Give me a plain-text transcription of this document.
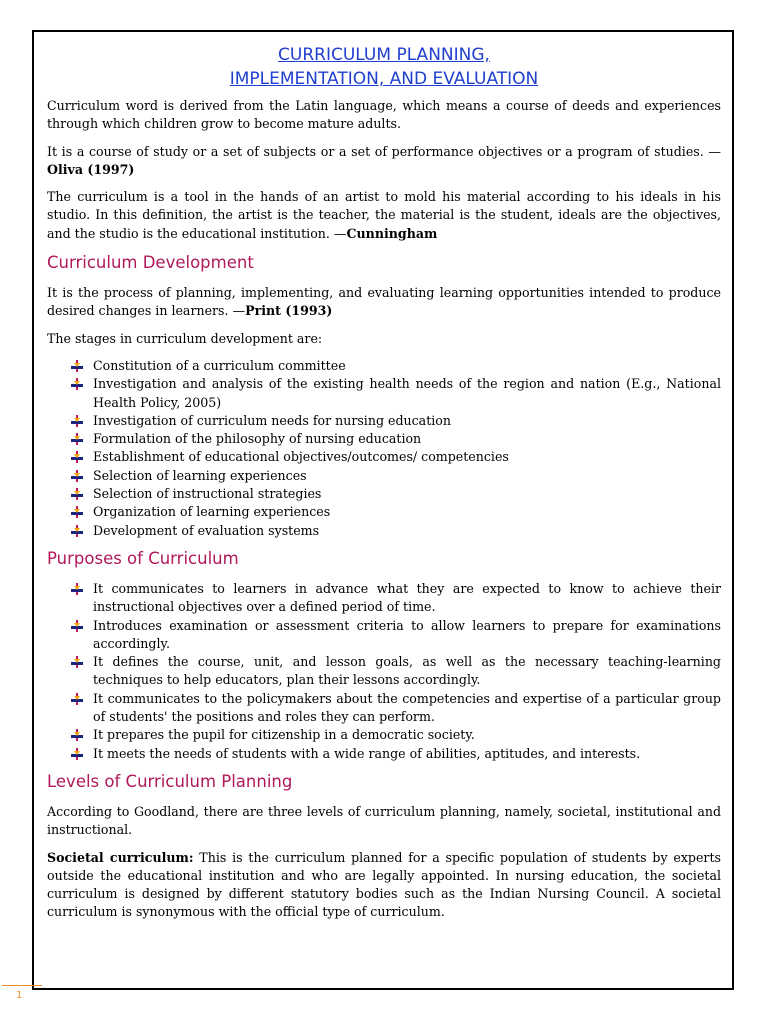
CURRICULUM PLANNING,
IMPLEMENTATION, AND EVALUATION

Curriculum word is derived from the Latin language, which means a course of deeds and experiences through which children grow to become mature adults.

It is a course of study or a set of subjects or a set of performance objectives or a program of studies. — Oliva (1997)

The curriculum is a tool in the hands of an artist to mold his material according to his ideals in his studio. In this definition, the artist is the teacher, the material is the student, ideals are the objectives, and the studio is the educational institution. —Cunningham

Curriculum Development

It is the process of planning, implementing, and evaluating learning opportunities intended to produce desired changes in learners. —Print (1993)

The stages in curriculum development are:

Constitution of a curriculum committee
Investigation and analysis of the existing health needs of the region and nation (E.g., National Health Policy, 2005)
Investigation of curriculum needs for nursing education
Formulation of the philosophy of nursing education
Establishment of educational objectives/outcomes/ competencies
Selection of learning experiences
Selection of instructional strategies
Organization of learning experiences
Development of evaluation systems
Purposes of Curriculum
It communicates to learners in advance what they are expected to know to achieve their instructional objectives over a defined period of time.
Introduces examination or assessment criteria to allow learners to prepare for examinations accordingly.
It defines the course, unit, and lesson goals, as well as the necessary teaching-learning techniques to help educators, plan their lessons accordingly.
It communicates to the policymakers about the competencies and expertise of a particular group of students' the positions and roles they can perform.
It prepares the pupil for citizenship in a democratic society.
It meets the needs of students with a wide range of abilities, aptitudes, and interests.
Levels of Curriculum Planning

According to Goodland, there are three levels of curriculum planning, namely, societal, institutional and instructional.

Societal curriculum: This is the curriculum planned for a specific population of students by experts outside the educational institution and who are legally appointed. In nursing education, the societal curriculum is designed by different statutory bodies such as the Indian Nursing Council. A societal curriculum is synonymous with the official type of curriculum.

1
